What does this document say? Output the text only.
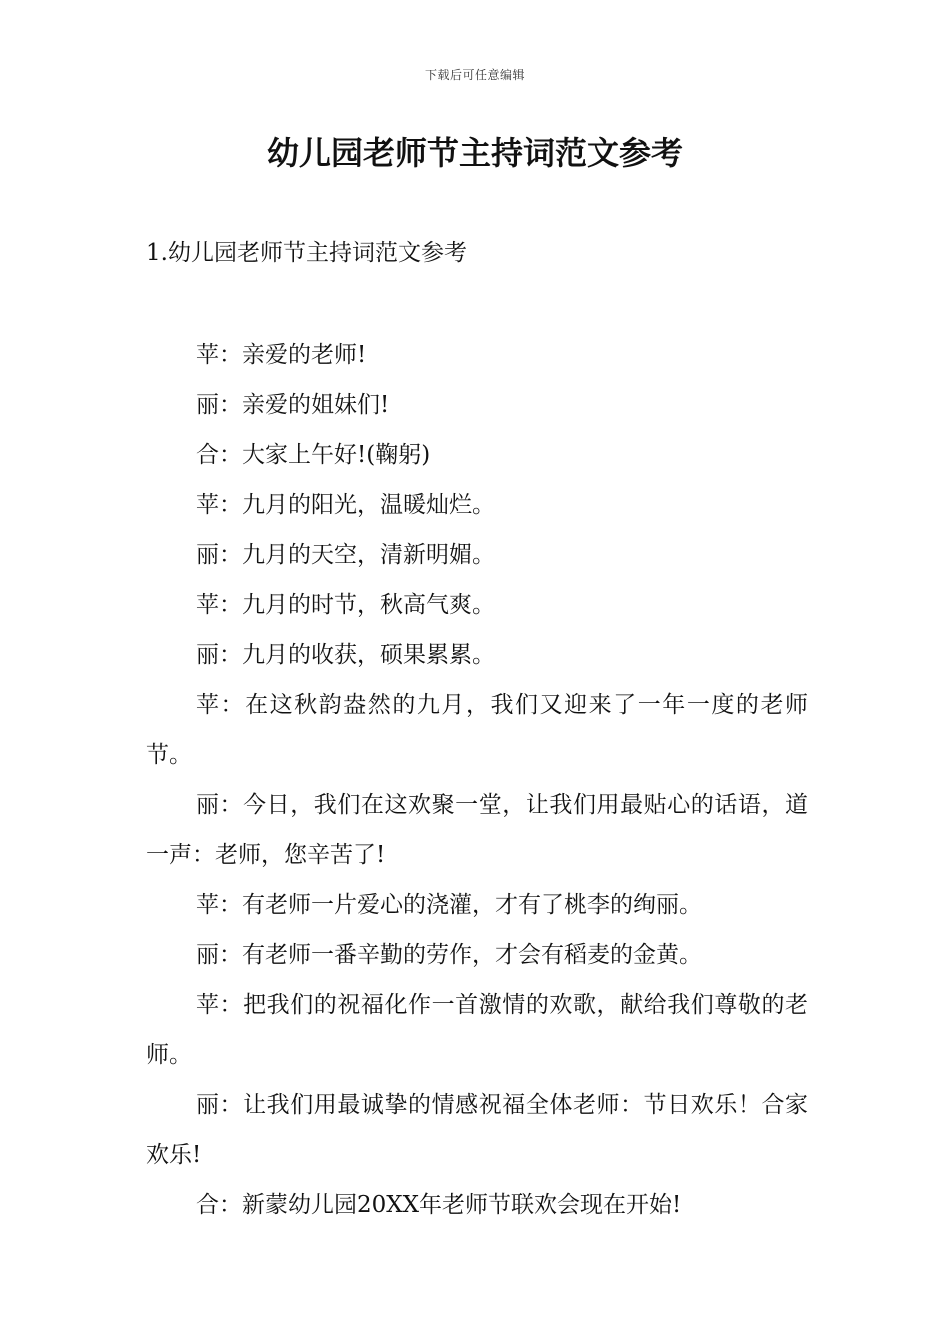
下载后可任意编辑
幼儿园老师节主持词范文参考
1.幼儿园老师节主持词范文参考

苹：亲爱的老师!

丽：亲爱的姐妹们!

合：大家上午好!(鞠躬)

苹：九月的阳光，温暖灿烂。

丽：九月的天空，清新明媚。

苹：九月的时节，秋高气爽。

丽：九月的收获，硕果累累。

苹：在这秋韵盎然的九月，我们又迎来了一年一度的老师节。

丽：今日，我们在这欢聚一堂，让我们用最贴心的话语，道一声：老师，您辛苦了!

苹：有老师一片爱心的浇灌，才有了桃李的绚丽。

丽：有老师一番辛勤的劳作，才会有稻麦的金黄。

苹：把我们的祝福化作一首激情的欢歌，献给我们尊敬的老师。

丽：让我们用最诚挚的情感祝福全体老师：节日欢乐！合家欢乐!

合：新蒙幼儿园20XX年老师节联欢会现在开始!
